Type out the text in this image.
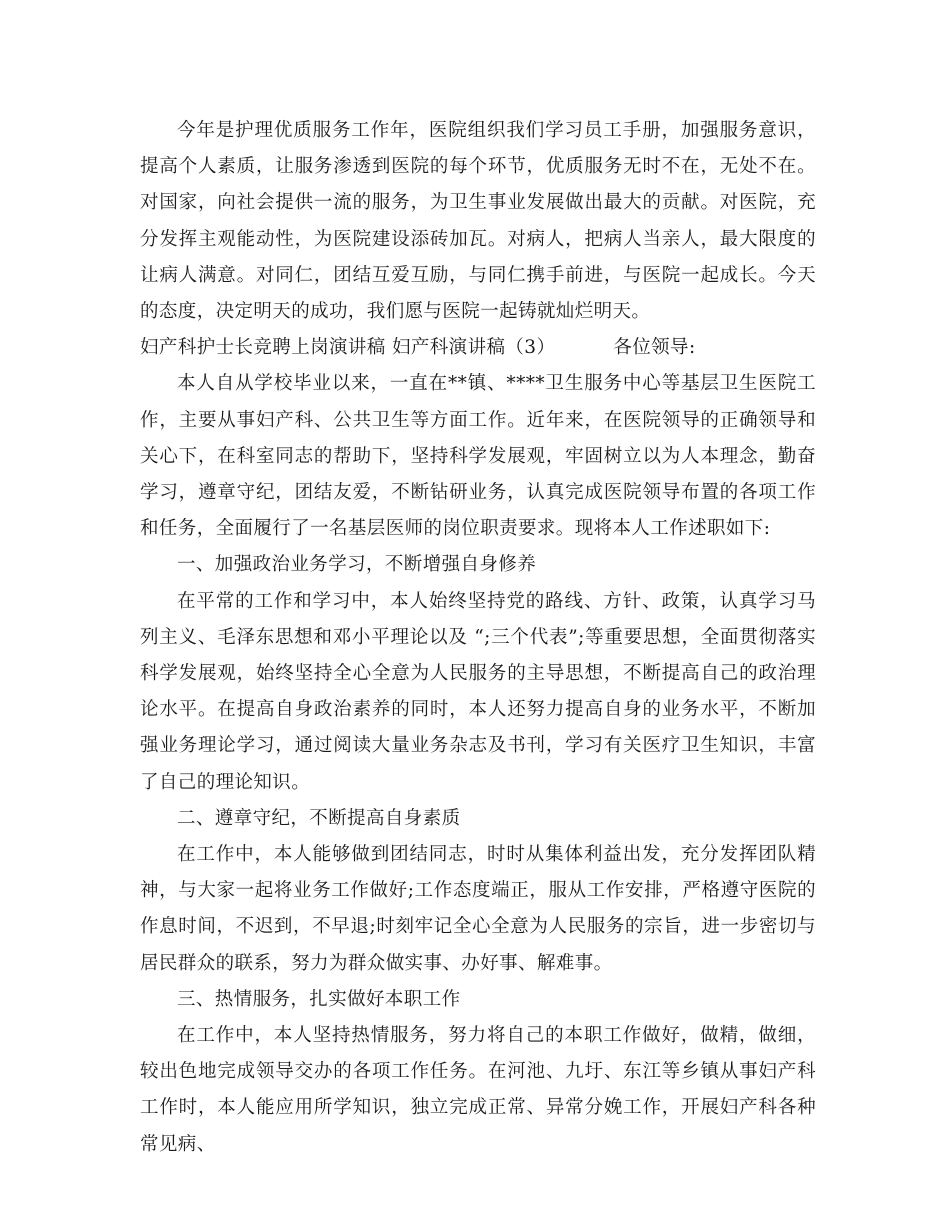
今年是护理优质服务工作年，医院组织我们学习员工手册，加强服务意识，提高个人素质，让服务渗透到医院的每个环节，优质服务无时不在，无处不在。对国家，向社会提供一流的服务，为卫生事业发展做出最大的贡献。对医院，充分发挥主观能动性，为医院建设添砖加瓦。对病人，把病人当亲人，最大限度的让病人满意。对同仁，团结互爱互励，与同仁携手前进，与医院一起成长。今天的态度，决定明天的成功，我们愿与医院一起铸就灿烂明天。

妇产科护士长竞聘上岗演讲稿 妇产科演讲稿（3）	各位领导:

本人自从学校毕业以来，一直在**镇、****卫生服务中心等基层卫生医院工作，主要从事妇产科、公共卫生等方面工作。近年来，在医院领导的正确领导和关心下，在科室同志的帮助下，坚持科学发展观，牢固树立以为人本理念，勤奋学习，遵章守纪，团结友爱，不断钻研业务，认真完成医院领导布置的各项工作和任务，全面履行了一名基层医师的岗位职责要求。现将本人工作述职如下:

一、加强政治业务学习，不断增强自身修养

在平常的工作和学习中，本人始终坚持党的路线、方针、政策，认真学习马列主义、毛泽东思想和邓小平理论以及 “;三个代表”;等重要思想，全面贯彻落实科学发展观，始终坚持全心全意为人民服务的主导思想，不断提高自己的政治理论水平。在提高自身政治素养的同时，本人还努力提高自身的业务水平，不断加强业务理论学习，通过阅读大量业务杂志及书刊，学习有关医疗卫生知识，丰富了自己的理论知识。

二、遵章守纪，不断提高自身素质

在工作中，本人能够做到团结同志，时时从集体利益出发，充分发挥团队精神，与大家一起将业务工作做好;工作态度端正，服从工作安排，严格遵守医院的作息时间，不迟到，不早退;时刻牢记全心全意为人民服务的宗旨，进一步密切与居民群众的联系，努力为群众做实事、办好事、解难事。

三、热情服务，扎实做好本职工作

在工作中，本人坚持热情服务，努力将自己的本职工作做好，做精，做细，较出色地完成领导交办的各项工作任务。在河池、九圩、东江等乡镇从事妇产科工作时，本人能应用所学知识，独立完成正常、异常分娩工作，开展妇产科各种常见病、
